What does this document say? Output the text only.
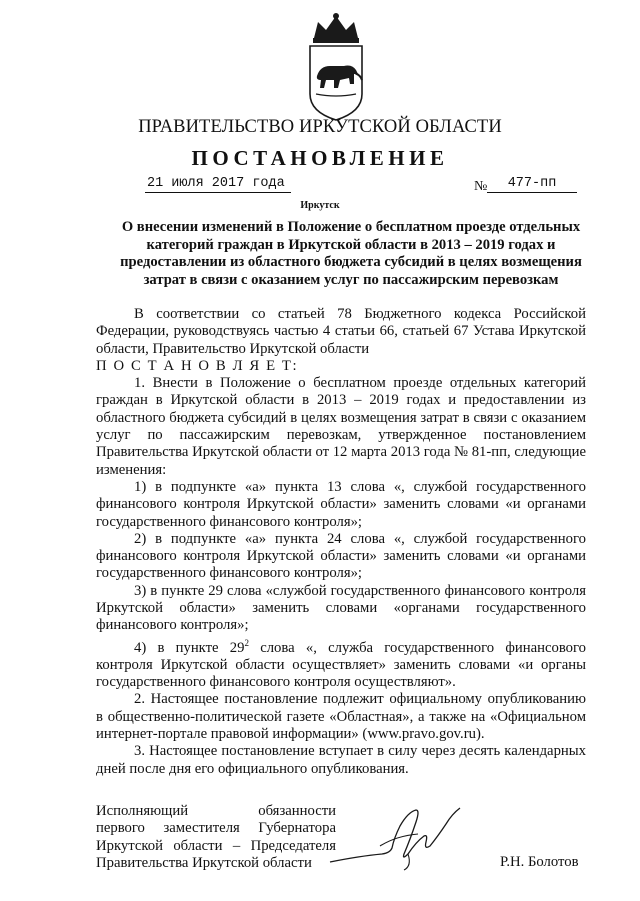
ПРАВИТЕЛЬСТВО ИРКУТСКОЙ ОБЛАСТИ
ПОСТАНОВЛЕНИЕ
21 июля 2017 года	№	477-пп
Иркутск
О внесении изменений в Положение о бесплатном проезде отдельных категорий граждан в Иркутской области в 2013 – 2019 годах и предоставлении из областного бюджета субсидий в целях возмещения затрат в связи с оказанием услуг по пассажирским перевозкам

В соответствии со статьей 78 Бюджетного кодекса Российской Федерации, руководствуясь частью 4 статьи 66, статьей 67 Устава Иркутской области, Правительство Иркутской области

П О С Т А Н О В Л Я Е Т:

1. Внести в Положение о бесплатном проезде отдельных категорий граждан в Иркутской области в 2013 – 2019 годах и предоставлении из областного бюджета субсидий в целях возмещения затрат в связи с оказанием услуг по пассажирским перевозкам, утвержденное постановлением Правительства Иркутской области от 12 марта 2013 года № 81-пп, следующие изменения:

1) в подпункте «а» пункта 13 слова «, службой государственного финансового контроля Иркутской области» заменить словами «и органами государственного финансового контроля»;

2) в подпункте «а» пункта 24 слова «, службой государственного финансового контроля Иркутской области» заменить словами «и органами государственного финансового контроля»;

3) в пункте 29 слова «службой государственного финансового контроля Иркутской области» заменить словами «органами государственного финансового контроля»;

4) в пункте $29^2$ слова «, служба государственного финансового контроля Иркутской области осуществляет» заменить словами «и органы государственного финансового контроля осуществляют».

2. Настоящее постановление подлежит официальному опубликованию в общественно-политической газете «Областная», а также на «Официальном интернет-портале правовой информации» (www.pravo.gov.ru).

3. Настоящее постановление вступает в силу через десять календарных дней после дня его официального опубликования.

Исполняющий	обязанности
первого заместителя Губернатора
Иркутской области – Председателя
Правительства Иркутской области	Р.Н. Болотов
